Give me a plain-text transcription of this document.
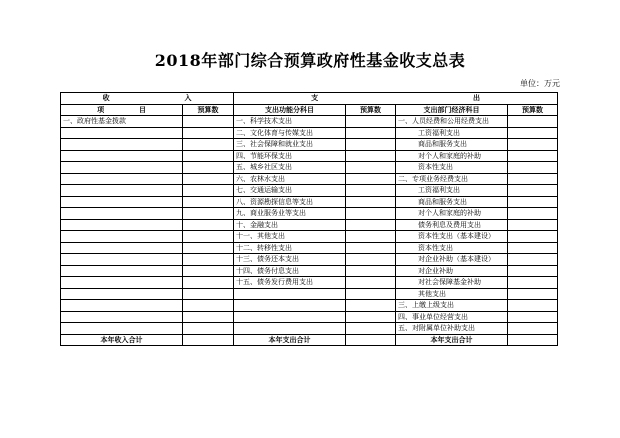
2018年部门综合预算政府性基金收支总表
单位：万元
收 入		支 出			
项 目	预算数	支出功能分科目	预算数	支出部门经济科目	预算数
一、政府性基金拨款		一、科学技术支出		一、人员经费和公用经费支出	
		二、文化体育与传媒支出		工资福利支出	
		三、社会保障和就业支出		商品和服务支出	
		四、节能环保支出		对个人和家庭的补助	
		五、城乡社区支出		资本性支出	
		六、农林水支出		二、专项业务经费支出	
		七、交通运输支出		工资福利支出	
		八、资源勘探信息等支出		商品和服务支出	
		九、商业服务业等支出		对个人和家庭的补助	
		十、金融支出		债务利息及费用支出	
		十一、其他支出		资本性支出（基本建设）	
		十二、转移性支出		资本性支出	
		十三、债务还本支出		对企业补助（基本建设）	
		十四、债务付息支出		对企业补助	
		十五、债务发行费用支出		对社会保障基金补助	
				其他支出	
				三、上缴上级支出	
				四、事业单位经营支出	
				五、对附属单位补助支出	
本年收入合计		本年支出合计		本年支出合计	
